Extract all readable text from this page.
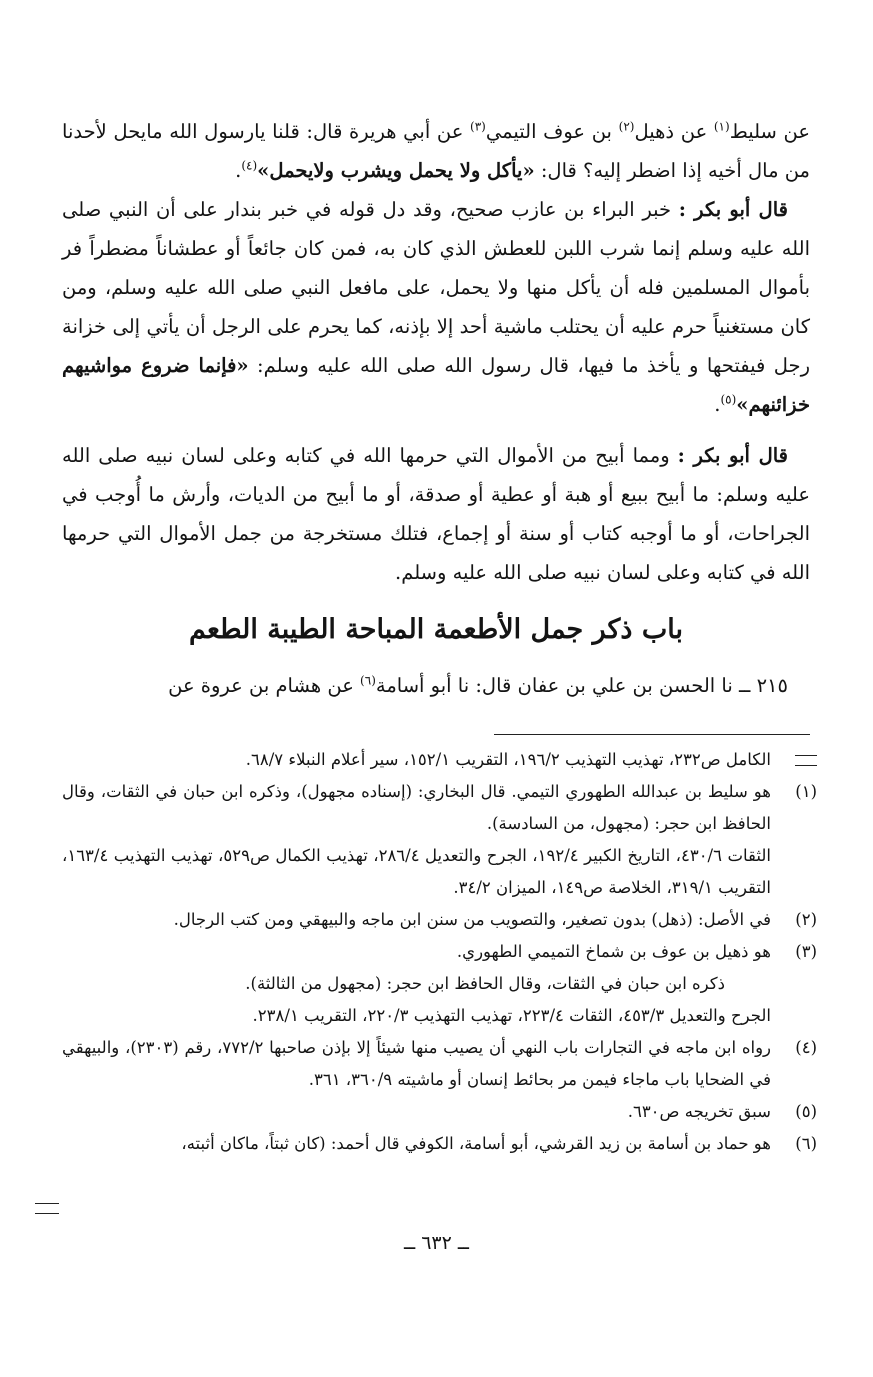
عن سليط$^{(١)}$ عن ذهيل$^{(٢)}$ بن عوف التيمي$^{(٣)}$ عن أبي هريرة قال: قلنا يارسول الله مايحل لأحدنا من مال أخيه إذا اضطر إليه؟ قال: «يأكل ولا يحمل ويشرب ولايحمل»$^{(٤)}$.

قال أبو بكر : خبر البراء بن عازب صحيح، وقد دل قوله في خبر بندار على أن النبي صلى الله عليه وسلم إنما شرب اللبن للعطش الذي كان به، فمن كان جائعاً أو عطشاناً مضطراً فر بأموال المسلمين فله أن يأكل منها ولا يحمل، على مافعل النبي صلى الله عليه وسلم، ومن كان مستغنياً حرم عليه أن يحتلب ماشية أحد إلا بإذنه، كما يحرم على الرجل أن يأتي إلى خزانة رجل فيفتحها و يأخذ ما فيها، قال رسول الله صلى الله عليه وسلم: «فإنما ضروع مواشيهم خزائنهم»$^{(٥)}$.

قال أبو بكر : ومما أبيح من الأموال التي حرمها الله في كتابه وعلى لسان نبيه صلى الله عليه وسلم: ما أبيح ببيع أو هبة أو عطية أو صدقة، أو ما أبيح من الديات، وأرش ما أُوجب في الجراحات، أو ما أوجبه كتاب أو سنة أو إجماع، فتلك مستخرجة من جمل الأموال التي حرمها الله في كتابه وعلى لسان نبيه صلى الله عليه وسلم.

باب ذكر جمل الأطعمة المباحة الطيبة الطعم

٢١٥ ــ نا الحسن بن علي بن عفان قال: نا أبو أسامة$^{(٦)}$ عن هشام بن عروة عن

الكامل ص٢٣٢، تهذيب التهذيب ١٩٦/٢، التقريب ١٥٢/١، سير أعلام النبلاء ٦٨/٧.
(١)
هو سليط بن عبدالله الطهوري التيمي. قال البخاري: (إسناده مجهول)، وذكره ابن حبان في الثقات، وقال الحافظ ابن حجر: (مجهول، من السادسة).
الثقات ٤٣٠/٦، التاريخ الكبير ١٩٢/٤، الجرح والتعديل ٢٨٦/٤، تهذيب الكمال ص٥٢٩، تهذيب التهذيب ١٦٣/٤، التقريب ٣١٩/١، الخلاصة ص١٤٩، الميزان ٣٤/٢.
(٢)
في الأصل: (ذهل) بدون تصغير، والتصويب من سنن ابن ماجه والبيهقي ومن كتب الرجال.
(٣)
هو ذهيل بن عوف بن شماخ التميمي الطهوري.
ذكره ابن حبان في الثقات، وقال الحافظ ابن حجر: (مجهول من الثالثة).
الجرح والتعديل ٤٥٣/٣، الثقات ٢٢٣/٤، تهذيب التهذيب ٢٢٠/٣، التقريب ٢٣٨/١.
(٤)
رواه ابن ماجه في التجارات باب النهي أن يصيب منها شيئاً إلا بإذن صاحبها ٧٧٢/٢، رقم (٢٣٠٣)، والبيهقي في الضحايا باب ماجاء فيمن مر بحائط إنسان أو ماشيته ٣٦٠/٩، ٣٦١.
(٥)
سبق تخريجه ص٦٣٠.
(٦)
هو حماد بن أسامة بن زيد القرشي، أبو أسامة، الكوفي قال أحمد: (كان ثبتاً، ماكان أثبته،
ــ ٦٣٢ ــ
